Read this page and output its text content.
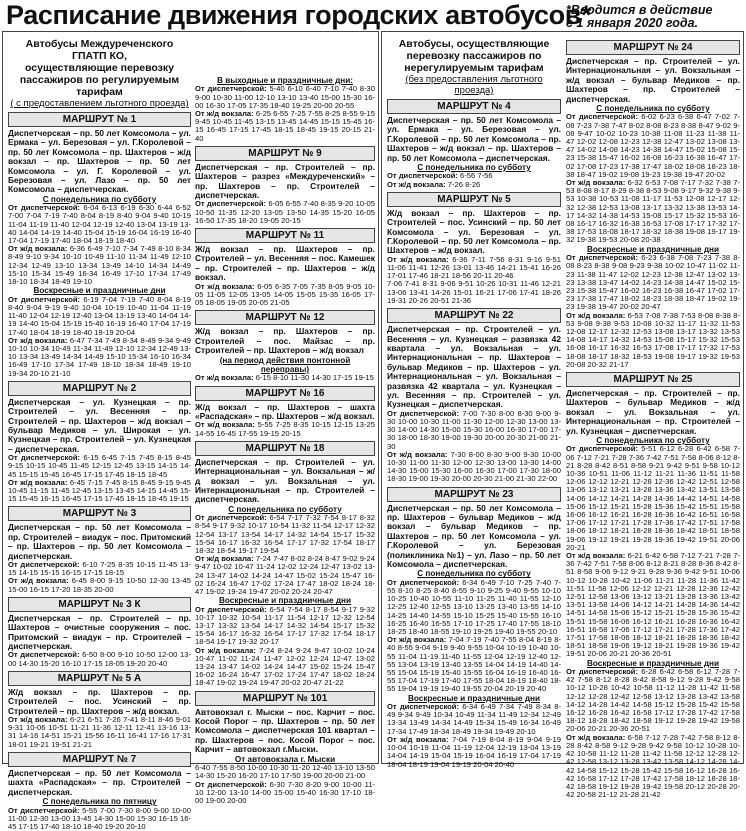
Расписание движения городских автобусов*
*Вводится в действие
с 1 января 2020 года.
Автобусы Междуреченского ГПАТП КО,
осуществляющие перевозку пассажиров по регулируемым тарифам
( с предоставлением льготного проезда)
МАРШРУТ № 1
Диспетчерская – пр. 50 лет Комсомола – ул. Ермака – ул. Березовая – ул. Г.Королевой – пр. 50 лет Комсомола – пр. Шахтеров – ж/д вокзал – пр. Шахтеров – пр. 50 лет Комсомола – ул. Г. Королевой – ул. Березовая – ул. Лазо – пр. 50 лет Комсомола – диспетчерская.
С понедельника по субботу
От диспетчерской: 6-04 6-13 6-19 6-30 6-44 6-52 7-00 7-04 7-19 7-40 8-04 8-19 8-40 9-04 9-40 10-19 11-04 11-19 11-40 12-04 12-19 12-40 13-04 13-19 13-40 14-04 14-19 14-40 15-04 15-19 16-04 16-19 16-40 17-04 17-19 17-40 18-04 18-19 18-40
От ж/д вокзала: 6-36 6-49 7-10 7-34 7-49 8-10 8-34 8-49 9-10 9-34 10-10 10-49 11-10 11-34 11-49 12-10 12-34 12-49 13-10 13-34 13-49 14-10 14-34 14-49 15-10 15-34 15-49 16-34 16-49 17-10 17-34 17-49 18-10 18-34 18-49 19-10
Воскресные и праздничные дни
От диспетчерской: 6-19 7-04 7-19 7-40 8-04 8-19 8-40 9-04 9-19 9-40 10-04 10-19 10-40 11-04 11-19 11-40 12-04 12-19 12-40 13-04 13-19 13-40 14-04 14-19 14-40 15-04 15-19 15-40 16-19 16-40 17-04 17-19 17-40 18-04 18-19 18-40 19-19 20-04
От ж/д вокзала: 6-47 7-34 7-49 8-34 8-49 9-34 9-49 10-10 10-34 10-49 11-34 11-49 12-10 12-34 12-49 13-10 13-34 13-49 14-34 14-49 15-10 15-34 16-10 16-34 16-49 17-10 17-34 17-49 18-10 18-34 18-49 19-10 19-34 20-10 21-10
МАРШРУТ № 2
Диспетчерская – ул. Кузнецкая – пр. Строителей – ул. Весенняя – пр. Строителей – пр. Шахтеров – ж/д вокзал – бульвар Медиков – ул. Широкая – ул. Кузнецкая – пр. Строителей – ул. Кузнецкая – диспетчерская.
От диспетчерской: 6-15 6-45 7-15 7-45 8-15 8-45 9-15 10-15 10-45 11-45 12-15 12-45 13-15 14-15 14-45 15-15 15-45 16-45 17-15 17-45 18-15 18-45
От ж/д вокзала: 6-45 7-15 7-45 8-15 8-45 9-15 9-45 10-45 11-15 11-45 12-45 13-15 13-45 14-15 14-45 15-15 15-45 16-15 16-45 17-15 17-45 18-15 18-45 19-15
МАРШРУТ № 3
Диспетчерская – пр. 50 лет Комсомола – пр. Строителей – виадук – пос. Притомский – пр. Шахтеров – пр. 50 лет Комсомола – диспетчерская.
От диспетчерской: 6-10 7-25 8-35 10-15 11-45 13-15 14-15 15-15 16-15 17-15 18-15
От ж/д вокзала: 6-45 8-00 9-15 10-50 12-30 13-45 15-00 16-15 17-20 18-35 20-00
МАРШРУТ № 3 К
Диспетчерская – пр. Строителей – пр. Шахтеров – очистные сооружения – пос. Притомский – виадук – пр. Строителей – диспетчерская.
От диспетчерской: 6-50 8-00 9-10 10-50 12-00 13-00 14-30 15-20 16-10 17-15 18-05 19-20 20-40
МАРШРУТ № 5 А
Ж/д вокзал – пр. Шахтеров – пр. Строителей – пос. Усинский – пр. Строителей – пр. Шахтеров – ж/д вокзал.
От ж/д вокзала: 6-21 6-51 7-26 7-41 8-11 8-46 9-01 9-31 10-06 10-51 11-21 11-36 12-11 12-41 13-16 13-31 14-16 14-51 15-21 15-56 16-11 16-41 17-16 17-31 18-01 19-21 19-51 21-21
МАРШРУТ № 7
Диспетчерская – пр. 50 лет Комсомола – шахта «Распадская» – пр. Строителей – диспетчерская.
С понедельника по пятницу
От диспетчерской: 5-55 7-00 7-30 8-00 9-00 10-00 11-00 12-30 13-00 13-45 14-30 15-00 15-30 16-15 16-45 17-15 17-40 18-10 18-40 19-20 20-10
В выходные и праздничные дни:
От диспетчерской: 5-40 6-10 6-40 7-10 7-40 8-30 9-00 10-30 11-00 12-10 13-10 13-40 15-00 15-30 16-00 16-30 17-05 17-35 18-40 19-25 20-00 20-55
От ж/д вокзала: 6-25 6-55 7-25 7-55 8-25 8-55 9-15 9-45 10-45 11-45 13-15 13-45 14-45 15-15 15-45 16-15 16-45 17-15 17-45 18-15 18-45 19-15 20-15 21-40
МАРШРУТ № 9
Диспетчерская – пр. Строителей – пр. Шахтеров – разрез «Междуреченский» – пр. Шахтеров – пр. Строителей – диспетчерская.
От диспетчерской: 6-05 6-55 7-40 8-35 9-20 10-05 10-50 11-35 12-20 13-05 13-50 14-35 15-20 16-05 16-50 17-35 18-20 19-05 20-15
МАРШРУТ № 11
Ж/д вокзал – пр. Шахтеров – пр. Строителей – ул. Весенняя – пос. Камешек – пр. Строителей – пр. Шахтеров – ж/д вокзал.
От ж/д вокзала: 6-05 6-35 7-05 7-35 8-05 9-05 10-05 11-05 12-05 13-05 14-05 15-05 15-35 16-05 17-05 18-05 19-05 20-05 21-05
МАРШРУТ № 12
Ж/д вокзал – пр. Шахтеров – пр. Строителей – пос. Майзас – пр. Строителей – пр. Шахтеров – ж/д вокзал
(на период действия понтонной переправы)
От ж/д вокзала: 6-15 8-10 11-30 14-30 17-15 19-15
МАРШРУТ № 16
Ж/д вокзал – пр. Шахтеров – шахта «Распадская» – пр. Шахтеров – ж/д вокзал.
От ж/д вокзала: 5-55 7-25 8-35 10-15 12-15 13-25 14-55 16-45 17-55 19-15 20-15
МАРШРУТ № 18
Диспетчерская – пр. Строителей – ул. Интернациональная – ул. Вокзальная – ж/д вокзал – ул. Вокзальная – ул. Интернациональная – пр. Строителей – диспетчерская.
С понедельника по субботу
От диспетчерской: 6-54 7-17 7-32 7-54 8-17 8-32 8-54 9-17 9-32 10-17 10-54 11-32 11-54 12-17 12-32 12-54 13-17 13-54 14-17 14-32 14-54 15-17 15-32 15-54 16-17 16-32 16-54 17-17 17-32 17-54 18-17 18-32 18-54 19-17 19-54
От ж/д вокзала: 7-24 7-47 8-02 8-24 8-47 9-02 9-24 9-47 10-02 10-47 11-24 12-02 12-24 12-47 13-02 13-24 13-47 14-02 14-24 14-47 15-02 15-24 15-47 16-02 16-24 16-47 17-02 17-24 17-47 18-02 18-24 18-47 19-02 19-24 19-47 20-02 20-24 20-47
Воскресные и праздничные дни
От диспетчерской: 6-54 7-54 8-17 8-54 9-17 9-32 10-17 10-32 10-54 11-17 11-54 12-17 12-32 12-54 13-17 13-32 13-54 14-17 14-32 14-54 15-17 15-32 15-54 16-17 16-32 16-54 17-17 17-32 17-54 18-17 18-54 19-17 19-32 20-17
От ж/д вокзала: 7-24 8-24 9-24 9-47 10-02 10-24 10-47 11-02 11-24 11-47 12-02 12-24 12-47 13-02 13-24 13-47 14-02 14-24 14-47 15-02 15-24 15-47 16-02 16-24 16-47 17-02 17-24 17-47 18-02 18-24 18-47 19-02 19-24 19-47 20-02 20-47 21-22
МАРШРУТ № 101
Автовокзал г. Мыски – пос. Карчит – пос. Косой Порог – пр. Шахтеров – пр. 50 лет Комсомола – диспетчерская 101 квартал – пр. Шахтеров – пос. Косой Порог – пос. Карчит – автовокзал г.Мыски.
От автовокзала г. Мыски
6-40 7-55 8-50 10-00 10-30 11-20 12-40 13-10 13-50 14-30 15-20 16-20 17-10 17-50 19-00 20-00 21-00
От диспетчерской: 6-30 7-30 8-20 9-00 10-00 11-10 12-00 13-10 14-00 15-00 15-40 16-30 17-10 18-00 19-00 20-00
Автобусы, осуществляющие перевозку пассажиров по нерегулируемым тарифам
(без предоставления льготного проезда)
МАРШРУТ № 4
Диспетчерская – пр. 50 лет Комсомола – ул. Ермака – ул. Березовая – ул. Г.Королевой – пр. 50 лет Комсомола – пр. Шахтеров – ж/д вокзал – пр. Шахтеров – пр. 50 лет Комсомола – диспетчерская.
С понедельника по субботу
От диспетчерской: 6-56 7-56
От ж/д вокзала: 7-26 8-26
МАРШРУТ № 5
Ж/д вокзал – пр. Шахтеров – пр. Строителей – пос. Усинский – пр. 50 лет Комсомола – ул. Березовая – ул. Г.Королевой – пр. 50 лет Комсомола – пр. Шахтеров – ж/д вокзал.
От ж/д вокзала: 6-36 7-11 7-56 8-31 9-16 9-51 11-06 11-41 12-26 13-01 13-46 14-21 15-41 16-26 17-01 17-46 18-21 18-56 20-11 20-46
7-06 7-41 8-31 9-06 9-51 10-26 10-31 11-46 12-21 13-06 13-41 14-26 15-01 16-21 17-06 17-41 18-26 19-31 20-26 20-51 21-36
МАРШРУТ № 22
Диспетчерская – пр. Строителей – ул. Весенняя – ул. Кузнецкая – развязка 42 квартала – ул. Вокзальная – ул. Интернациональная – пр. Шахтеров – бульвар Медиков – пр. Шахтеров – ул. Интернациональная – ул. Вокзальная – развязка 42 квартала – ул. Кузнецкая – ул. Весенняя – пр. Строителей – ул. Кузнецкая – диспетчерская.
От диспетчерской: 7-00 7-30 8-00 8-30 9-00 9-30 10-00 10-30 11-00 11-30 12-00 12-30 13-00 13-30 14-00 14-30 15-00 15-30 16-00 16-30 17-00 17-30 18-00 18-30 19-00 19-30 20-00 20-30 21-00 21-30
От ж/д вокзала: 7-30 8-00 8-30 9-00 9-30 10-00 10-30 11-00 11-30 12-00 12-30 13-00 13-30 14-00 14-30 15-00 15-30 16-00 16-30 17-00 17-30 18-00 18-30 19-00 19-30 20-00 20-30 21-00 21-30 22-00
МАРШРУТ № 23
Диспетчерская – пр. 50 лет Комсомола – пр. Шахтеров – бульвар Медиков – ж/д вокзал – бульвар Медиков – пр. Шахтеров – пр. 50 лет Комсомола – ул. Г.Королевой – ул. Березовая (поликлиника №1) – ул. Лазо – пр. 50 лет Комсомола – диспетчерская.
С понедельника по субботу
От диспетчерской: 6-34 6-49 7-10 7-25 7-40 7-55 8-10 8-25 8-40 8-55 9-10 9-25 9-40 9-55 10-10 10-25 10-40 10-55 11-10 11-25 11-40 11-55 12-10 12-25 12-40 12-55 13-10 13-25 13-40 13-55 14-10 14-25 14-40 14-55 15-10 15-25 15-40 15-55 16-10 16-25 16-40 16-55 17-10 17-25 17-40 17-55 18-10 18-25 18-40 18-55 19-10 19-25 19-40 19-55 20-10
От ж/д вокзала: 7-04 7-19 7-40 7-55 8-04 8-19 8-40 8-55 9-04 9-19 9-40 9-55 10-04 10-19 10-40 10-55 11-04 11-19 11-40 11-55 12-04 12-19 12-40 12-55 13-04 13-19 13-40 13-55 14-04 14-19 14-40 14-55 15-04 15-19 15-40 15-55 16-04 16-19 16-40 16-55 17-04 17-19 17-40 17-55 18-04 18-19 18-40 18-55 19-04 19-19 19-40 19-55 20-04 20-19 20-40
Воскресные и праздничные дни
От диспетчерской: 6-34 6-49 7-34 7-49 8-34 8-49 9-34 9-49 10-34 10-49 11-34 11-49 12-34 12-49 13-34 13-49 14-34 14-49 15-34 15-49 16-34 16-49 17-34 17-49 18-34 18-49 19-34 19-49 20-10
От ж/д вокзала: 7-04 7-19 8-04 8-19 9-04 9-19 10-04 10-19 11-04 11-19 12-04 12-19 13-04 13-19 14-04 14-19 15-04 15-19 16-04 16-19 17-04 17-19 18-04 18-19 19-04 19-19 20-04 20-40
МАРШРУТ № 24
Диспетчерская – пр. Строителей – ул. Интернациональная – ул. Вокзальная – ж/д вокзал – бульвар Медиков – пр. Шахтеров – пр. Строителей – диспетчерская.
С понедельника по субботу
От диспетчерской: 6-02 6-23 6-38 6-47 7-02 7-08 7-23 7-38 7-47 8-02 8-08 8-23 8-38 8-47 9-02 9-08 9-47 10-02 10-23 10-38 11-08 11-23 11-38 11-47 12-02 12-08 12-23 12-38 12-47 13-02 13-08 13-47 14-02 14-08 14-23 14-38 14-47 15-02 15-08 15-23 15-38 15-47 16-02 16-08 16-23 16-38 16-47 17-02 17-08 17-23 17-38 17-47 18-02 18-08 18-23 18-38 18-47 19-02 19-08 19-23 19-38 19-47 20-02
От ж/д вокзала: 6-32 6-53 7-08 7-17 7-32 7-38 7-53 8-08 8-17 8-29 8-38 8-53 9-08 9-17 9-32 9-38 9-53 10-38 10-53 11-08 11-17 11-53 12-08 12-17 12-32 12-38 12-53 13-08 13-17 13-32 13-38 13-53 14-17 14-32 14-38 14-53 15-08 15-17 15-32 15-53 16-08 16-17 16-32 16-38 16-53 17-08 17-17 17-32 17-38 17-53 18-08 18-17 18-32 18-38 19-08 19-17 19-32 19-38 19-53 20-08 20-38
Воскресные и праздничные дни
От диспетчерской: 6-23 6-38 7-08 7-23 7-38 8-08 8-23 8-38 9-08 9-23 9-38 10-02 10-47 11-02 11-23 11-38 11-47 12-02 12-23 12-38 12-47 13-02 13-23 13-38 13-47 14-02 14-23 14-38 14-47 15-02 15-23 15-38 15-47 16-02 16-23 16-38 16-47 17-02 17-23 17-38 17-47 18-02 18-23 18-38 18-47 19-02 19-23 19-38 19-47 20-02 20-47
От ж/д вокзала: 6-53 7-08 7-38 7-53 8-08 8-38 8-53 9-08 9-38 9-53 10-08 10-32 11-17 11-32 11-53 12-08 12-17 12-32 12-53 13-08 13-17 13-32 13-53 14-08 14-17 14-32 14-53 15-08 15-17 15-32 15-53 16-08 16-17 16-32 16-53 17-08 17-17 17-32 17-53 18-08 18-17 18-32 18-53 19-08 19-17 19-32 19-53 20-08 20-32 21-17
МАРШРУТ № 25
Диспетчерская – пр. Строителей – пр. Шахтеров – бульвар Медиков – ж/д вокзал – ул. Вокзальная – ул. Интернациональная – пр. Строителей – ул. Кузнецкая – диспетчерская.
С понедельника по субботу
От диспетчерской: 5-51 6-12 6-28 6-42 6-58 7-06 7-12 7-21 7-28 7-36 7-42 7-51 7-58 8-06 8-12 8-21 8-28 8-42 8-51 8-58 9-21 9-42 9-51 9-58 10-12 10-36 10-51 11-06 11-12 11-21 11-36 11-51 11-58 12-06 12-12 12-21 12-28 12-36 12-42 12-51 12-58 13-06 13-12 13-21 13-28 13-36 13-42 13-51 13-58 14-06 14-12 14-21 14-28 14-36 14-42 14-51 14-58 15-06 15-12 15-21 15-28 15-36 15-42 15-51 15-58 16-06 16-12 16-21 16-28 16-36 16-42 16-51 16-58 17-06 17-12 17-21 17-28 17-36 17-42 17-51 17-58 18-06 18-12 18-21 18-28 18-36 18-42 18-51 18-58 19-06 19-12 19-21 19-28 19-36 19-42 19-51 20-06 20-21
От ж/д вокзала: 6-21 6-42 6-58 7-12 7-21 7-28 7-36 7-42 7-51 7-58 8-06 8-12 8-21 8-28 8-36 8-42 8-51 8-58 9-06 9-12 9-21 9-28 9-36 9-42 9-51 10-06 10-12 10-28 10-42 11-06 11-21 11-28 11-36 11-42 11-51 11-58 12-06 12-12 12-21 12-28 12-36 12-42 12-51 12-58 13-06 13-12 13-21 13-28 13-36 13-42 13-51 13-58 14-06 14-12 14-21 14-28 14-36 14-42 14-51 14-58 15-06 15-12 15-21 15-28 15-36 15-42 15-51 15-58 16-06 16-12 16-21 16-28 16-36 16-42 16-51 16-58 17-06 17-12 17-21 17-28 17-36 17-42 17-51 17-58 18-06 18-12 18-21 18-28 18-36 18-42 18-51 18-58 19-06 19-12 19-21 19-28 19-36 19-42 19-51 20-06 20-21 20-36 20-51
Воскресные и праздничные дни
От диспетчерской: 6-28 6-42 6-58 6-12 7-28 7-42 7-58 8-12 8-28 8-42 8-58 9-12 9-28 9-42 9-58 10-12 10-28 10-42 10-58 11-12 11-28 11-42 11-58 12-12 12-28 12-42 12-58 13-12 13-28 13-42 13-58 14-12 14-28 14-42 14-58 15-12 15-28 15-42 15-58 16-12 16-28 16-42 16-58 17-12 17-28 17-42 17-58 18-12 18-28 18-42 18-58 19-12 19-28 19-42 19-58 20-06 20-21 20-36 20-51
От ж/д вокзала: 6-58 7-12 7-28 7-42 7-58 8-12 8-28 8-42 8-58 9-12 9-28 9-42 9-58 10-12 10-28 10-42 10-58 11-12 11-28 11-42 11-58 12-12 12-28 12-42 12-58 13-12 13-28 13-42 13-58 14-12 14-28 14-42 14-58 15-12 15-28 15-42 15-58 16-12 16-28 16-42 16-58 17-12 17-28 17-42 17-58 18-12 18-28 18-42 18-58 19-12 19-28 19-42 19-58 20-12 20-28 20-42 20-58 21-12 21-28 21-42
